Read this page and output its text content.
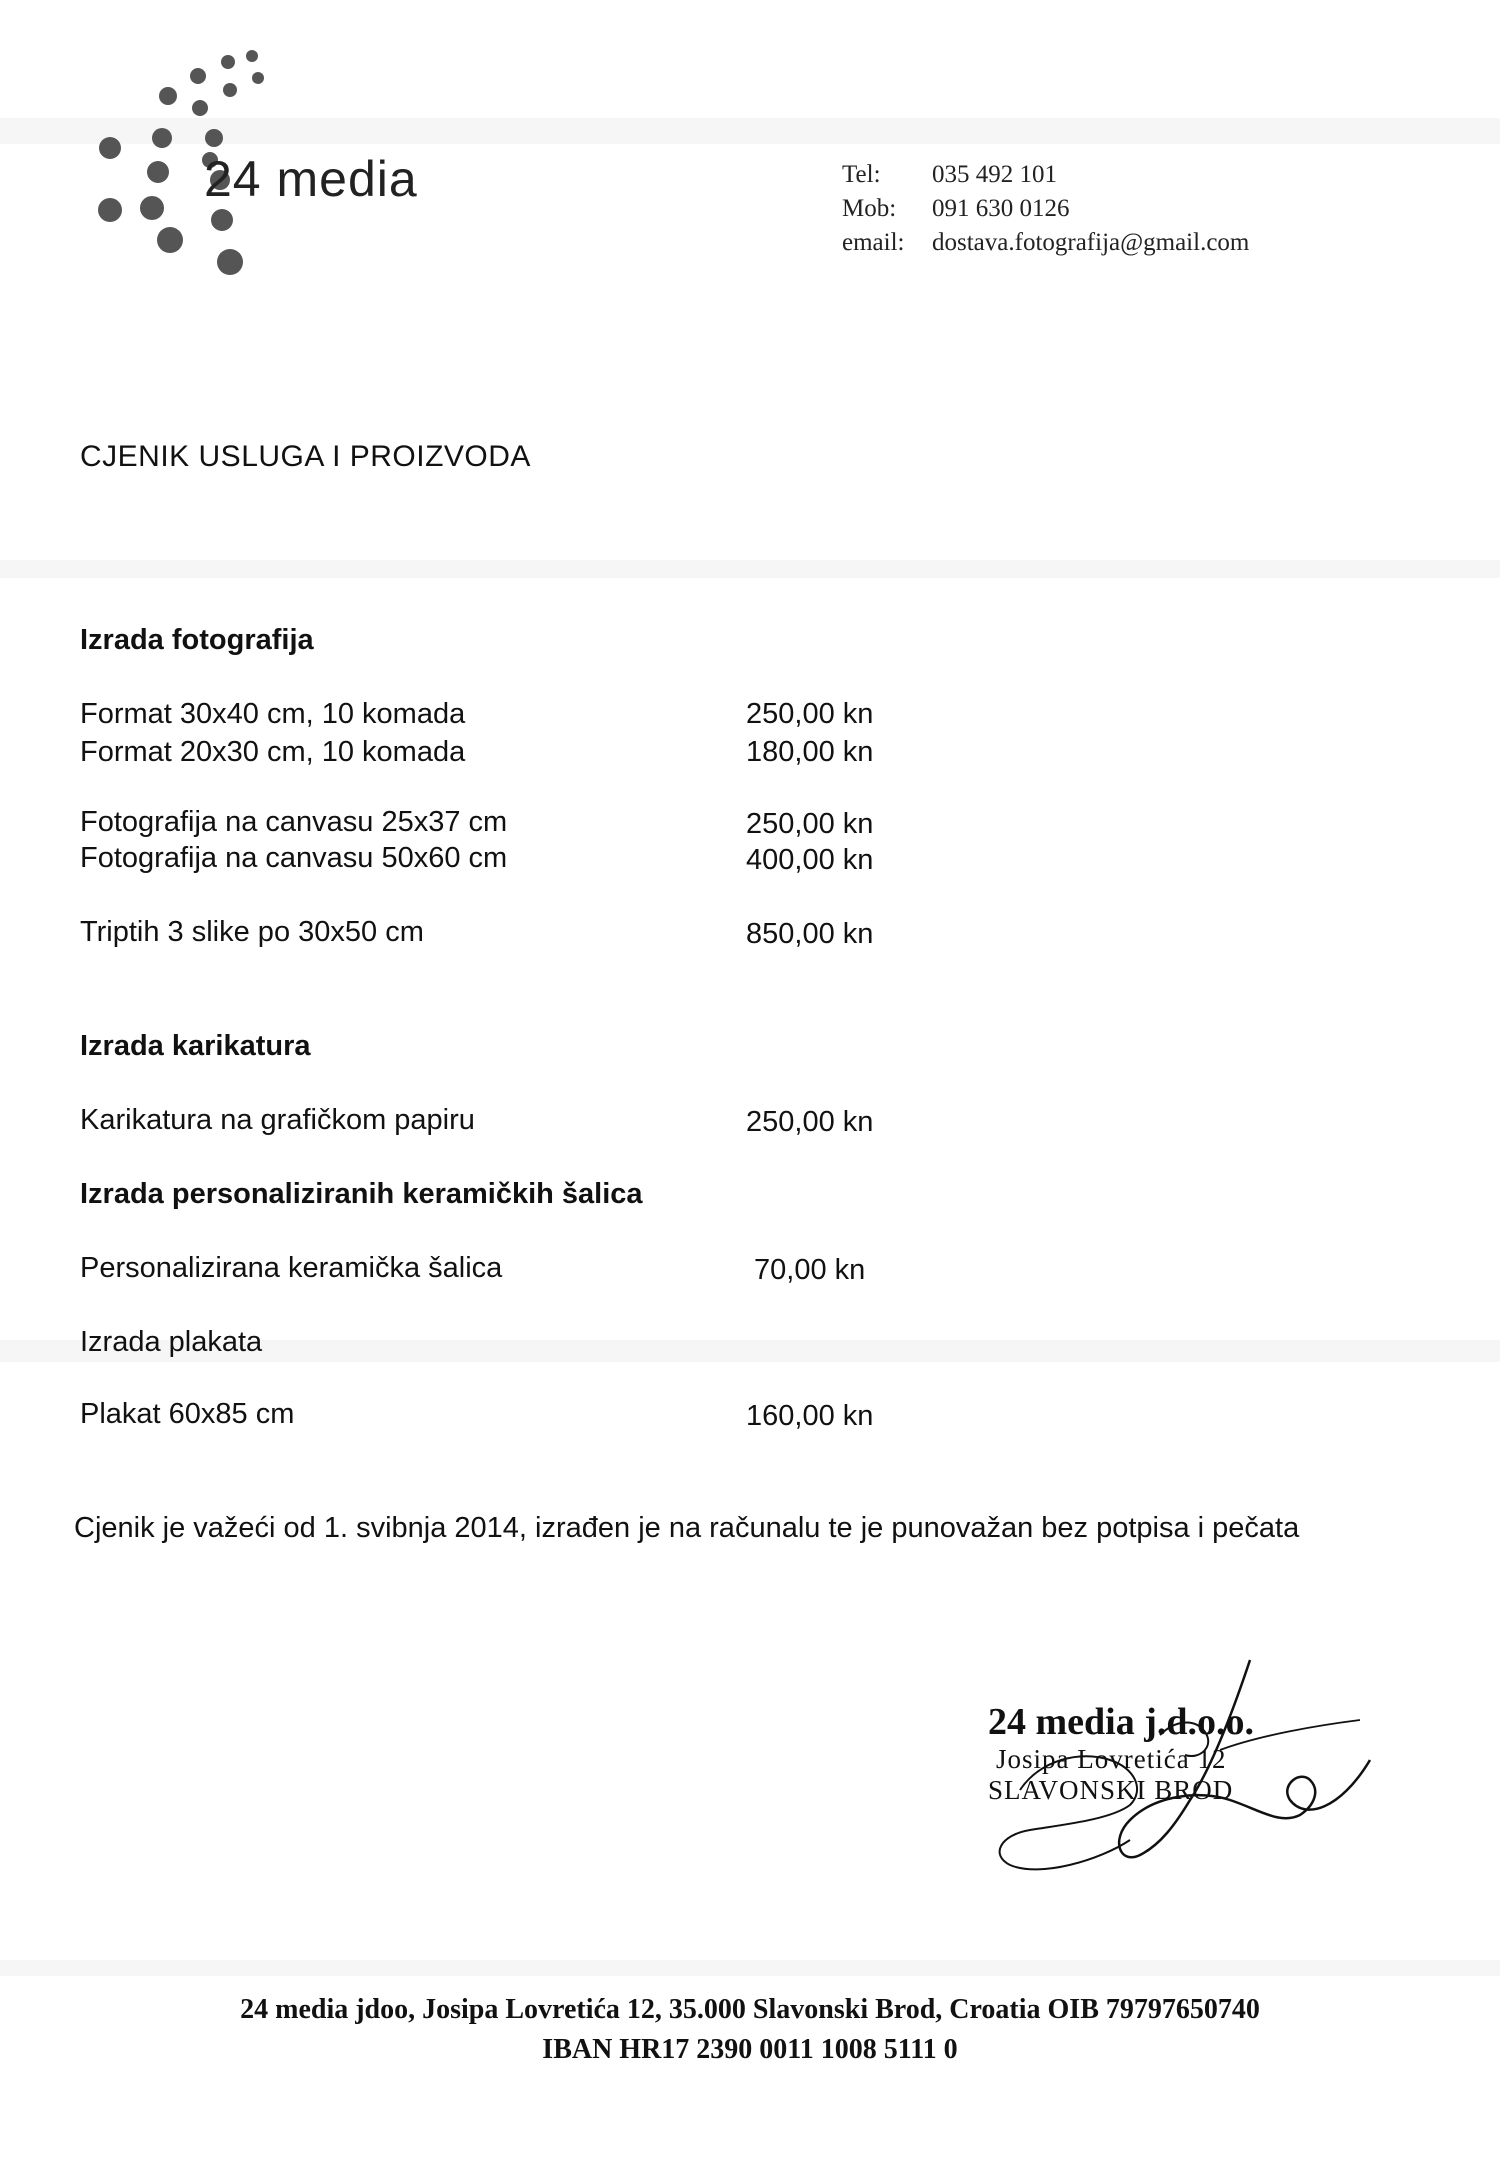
24 media	Tel:	035 492 101
Mob:	091 630 0126
email:	dostava.fotografija@gmail.com
CJENIK USLUGA I PROIZVODA
Izrada fotografija
Format 30x40 cm, 10 komada	250,00 kn
Format 20x30 cm, 10 komada	180,00 kn
Fotografija na canvasu 25x37 cm	250,00 kn
Fotografija na canvasu 50x60 cm	400,00 kn
Triptih 3 slike po 30x50 cm	850,00 kn
Izrada karikatura
Karikatura na grafičkom papiru	250,00 kn
Izrada personaliziranih keramičkih šalica
Personalizirana keramička šalica	70,00 kn
Izrada plakata
Plakat 60x85 cm	160,00 kn
Cjenik je važeći od 1. svibnja 2014, izrađen je na računalu te je punovažan bez potpisa i pečata
24 media j.d.o.o.
Josipa Lovretića 12
SLAVONSKI BROD
24 media jdoo, Josipa Lovretića 12, 35.000 Slavonski Brod, Croatia OIB 79797650740
IBAN HR17 2390 0011 1008 5111 0
